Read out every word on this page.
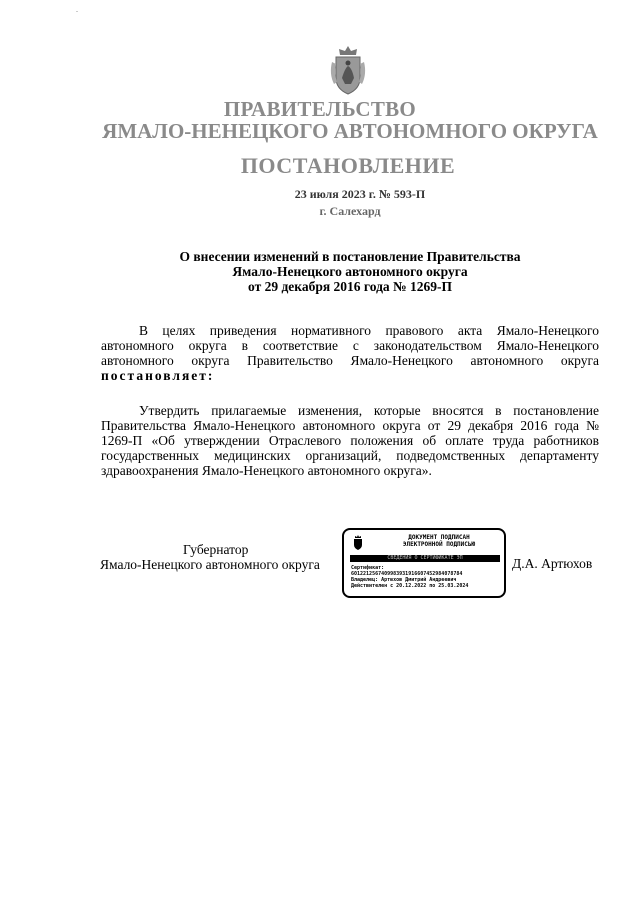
ПРАВИТЕЛЬСТВО
ЯМАЛО-НЕНЕЦКОГО АВТОНОМНОГО ОКРУГА
ПОСТАНОВЛЕНИЕ
23 июля 2023 г. № 593-П
г. Салехард
О внесении изменений в постановление Правительства
Ямало-Ненецкого автономного округа
от 29 декабря 2016 года № 1269-П
В целях приведения нормативного правового акта Ямало-Ненецкого автономного округа в соответствие с законодательством Ямало-Ненецкого автономного округа Правительство Ямало-Ненецкого автономного округа постановляет:
Утвердить прилагаемые изменения, которые вносятся в постановление Правительства Ямало-Ненецкого автономного округа от 29 декабря 2016 года № 1269-П «Об утверждении Отраслевого положения об оплате труда работников государственных медицинских организаций, подведомственных департаменту здравоохранения Ямало-Ненецкого автономного округа».
Губернатор
Ямало-Ненецкого автономного округа
ДОКУМЕНТ ПОДПИСАН
ЭЛЕКТРОННОЙ ПОДПИСЬЮ
СВЕДЕНИЯ О СЕРТИФИКАТЕ ЭП
Сертификат:
6012212567409983931916607452984078784
Владелец: Артюхов Дмитрий Андреевич
Действителен с 20.12.2022 по 25.03.2024
Д.А. Артюхов
